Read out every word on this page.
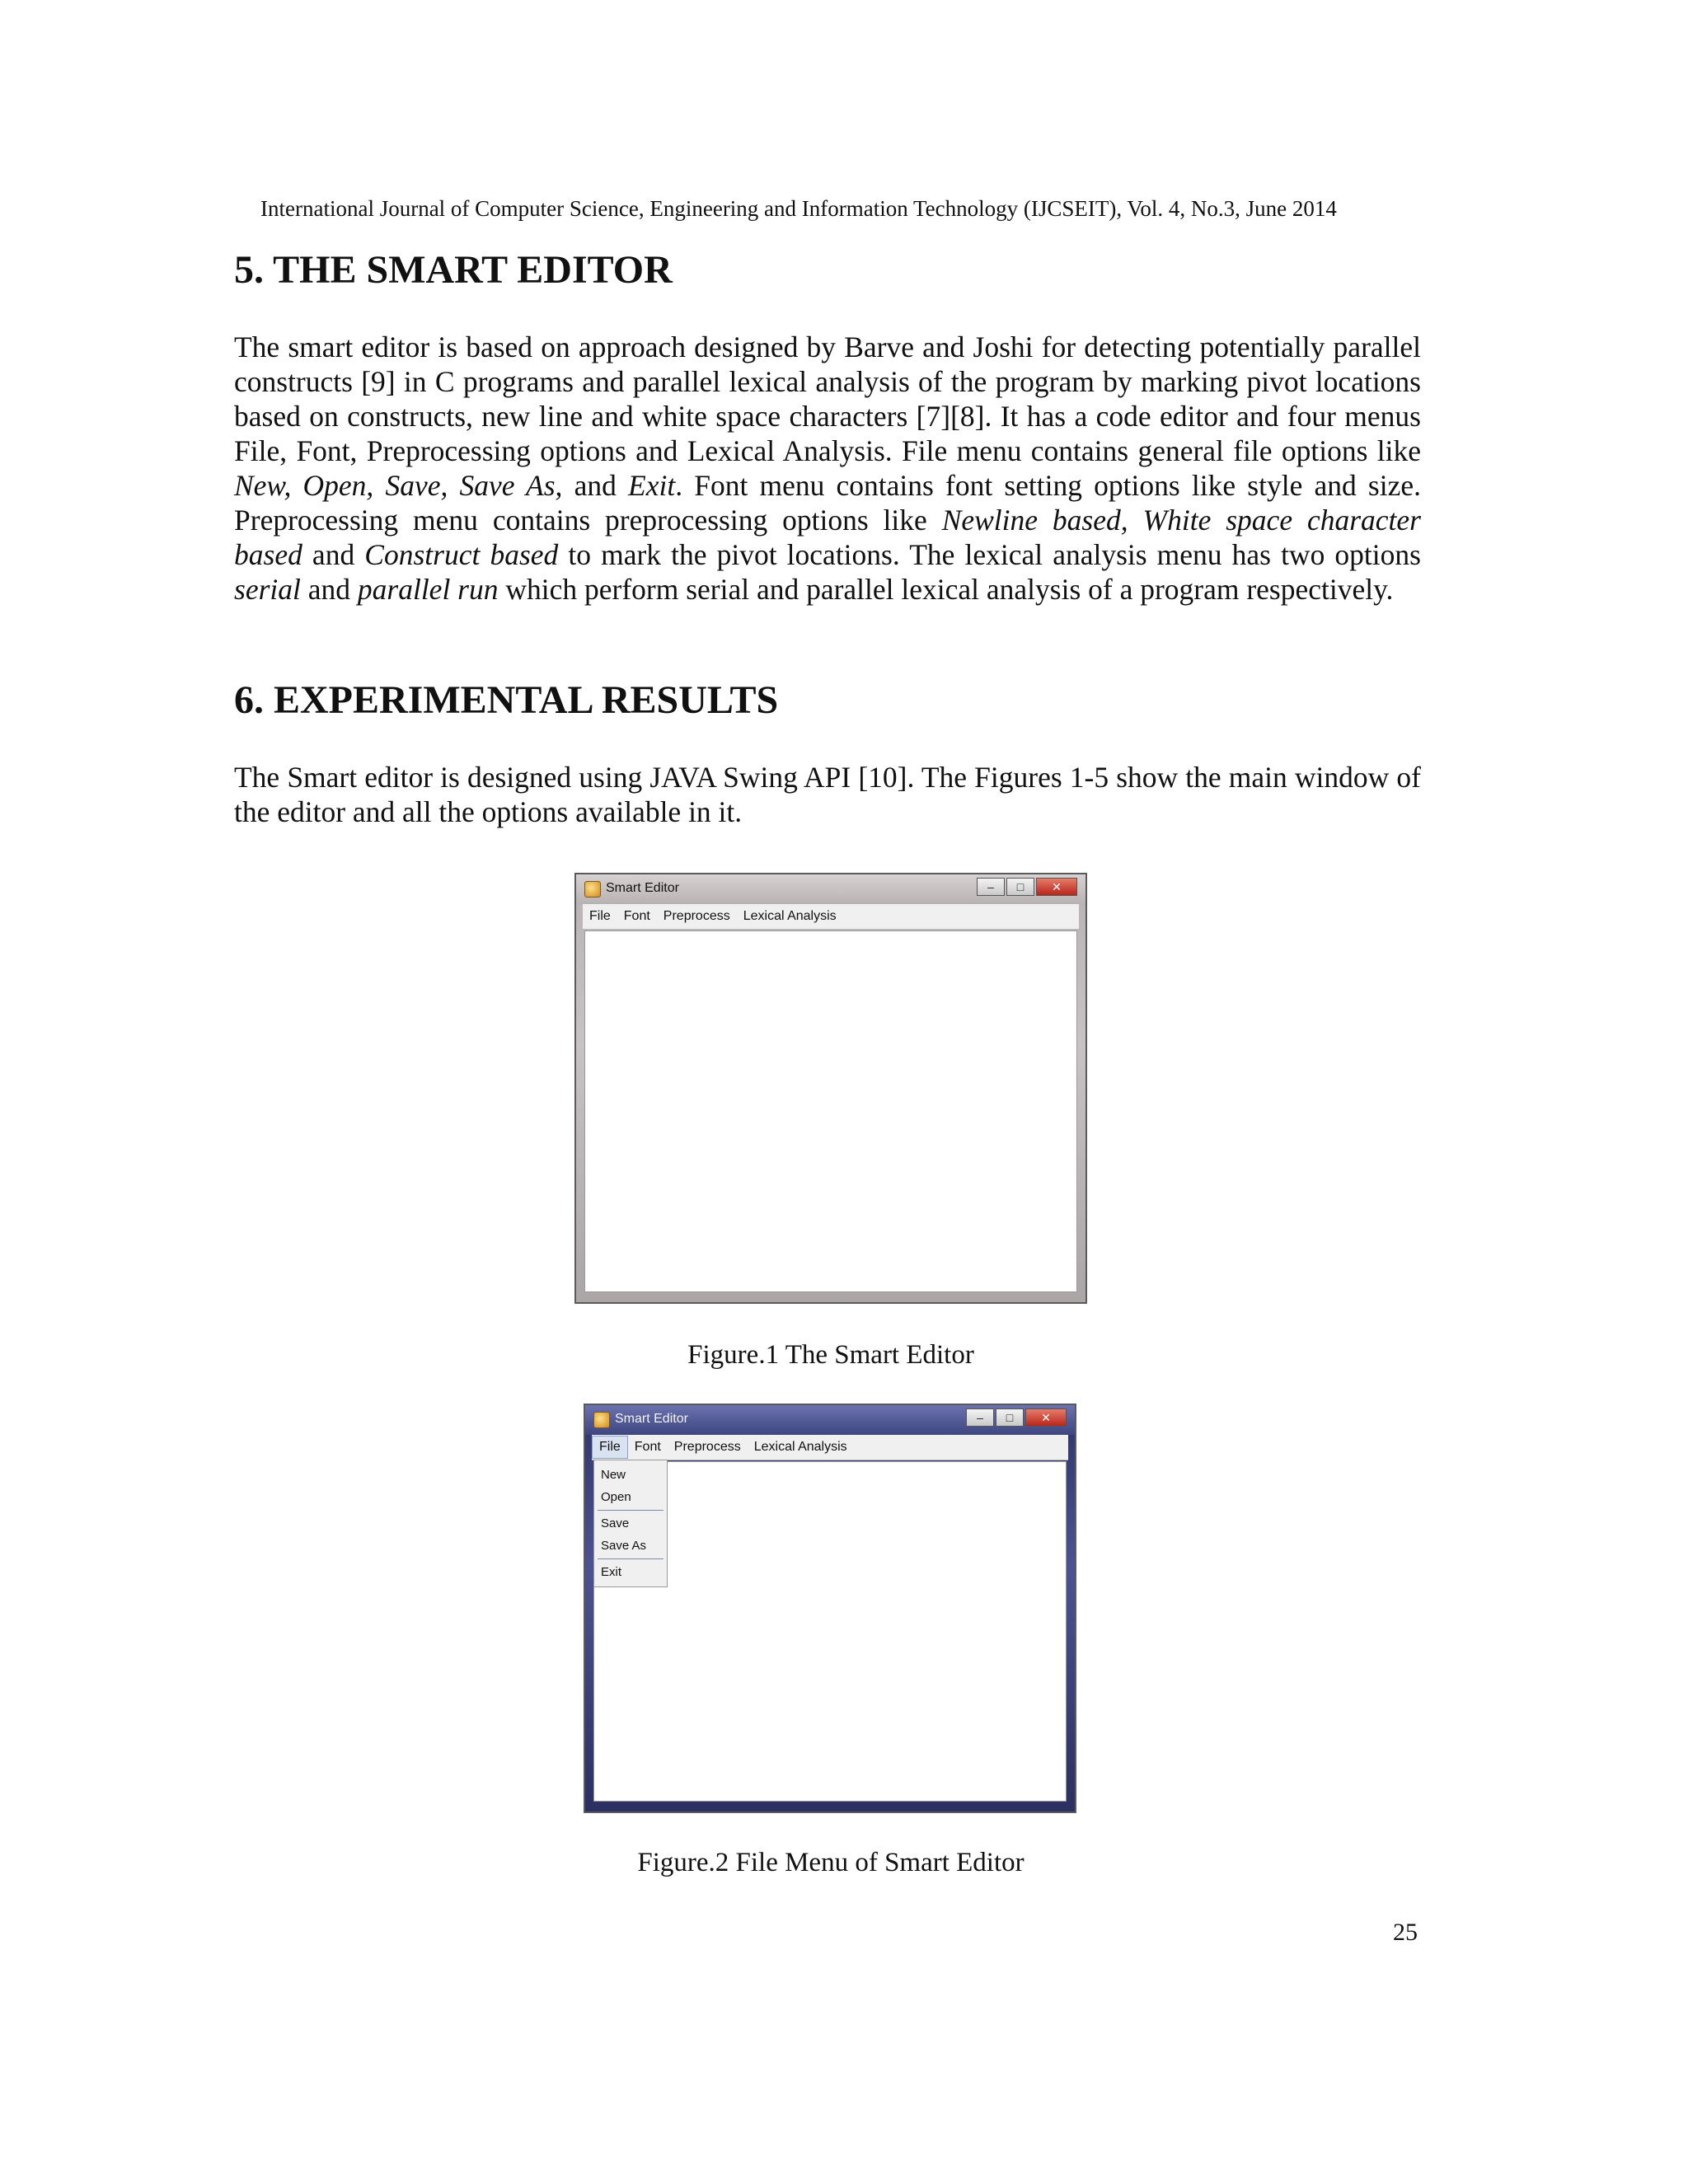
International Journal of Computer Science, Engineering and Information Technology (IJCSEIT), Vol. 4, No.3, June 2014
5. THE SMART EDITOR

The smart editor is based on approach designed by Barve and Joshi for detecting potentially parallel constructs [9] in C programs and parallel lexical analysis of the program by marking pivot locations based on constructs, new line and white space characters [7][8]. It has a code editor and four menus File, Font, Preprocessing options and Lexical Analysis. File menu contains general file options like New, Open, Save, Save As, and Exit. Font menu contains font setting options like style and size. Preprocessing menu contains preprocessing options like Newline based, White space character based and Construct based to mark the pivot locations. The lexical analysis menu has two options serial and parallel run which perform serial and parallel lexical analysis of a program respectively.

6. EXPERIMENTAL RESULTS

The Smart editor is designed using JAVA Swing API [10]. The Figures 1-5 show the main window of the editor and all the options available in it.

Smart Editor	–	□	✕
File	Font	Preprocess	Lexical Analysis
Figure.1 The Smart Editor
Smart Editor	–	□	✕
File	Font	Preprocess	Lexical Analysis
New
Open
Save
Save As
Exit
Figure.2 File Menu of Smart Editor
25
